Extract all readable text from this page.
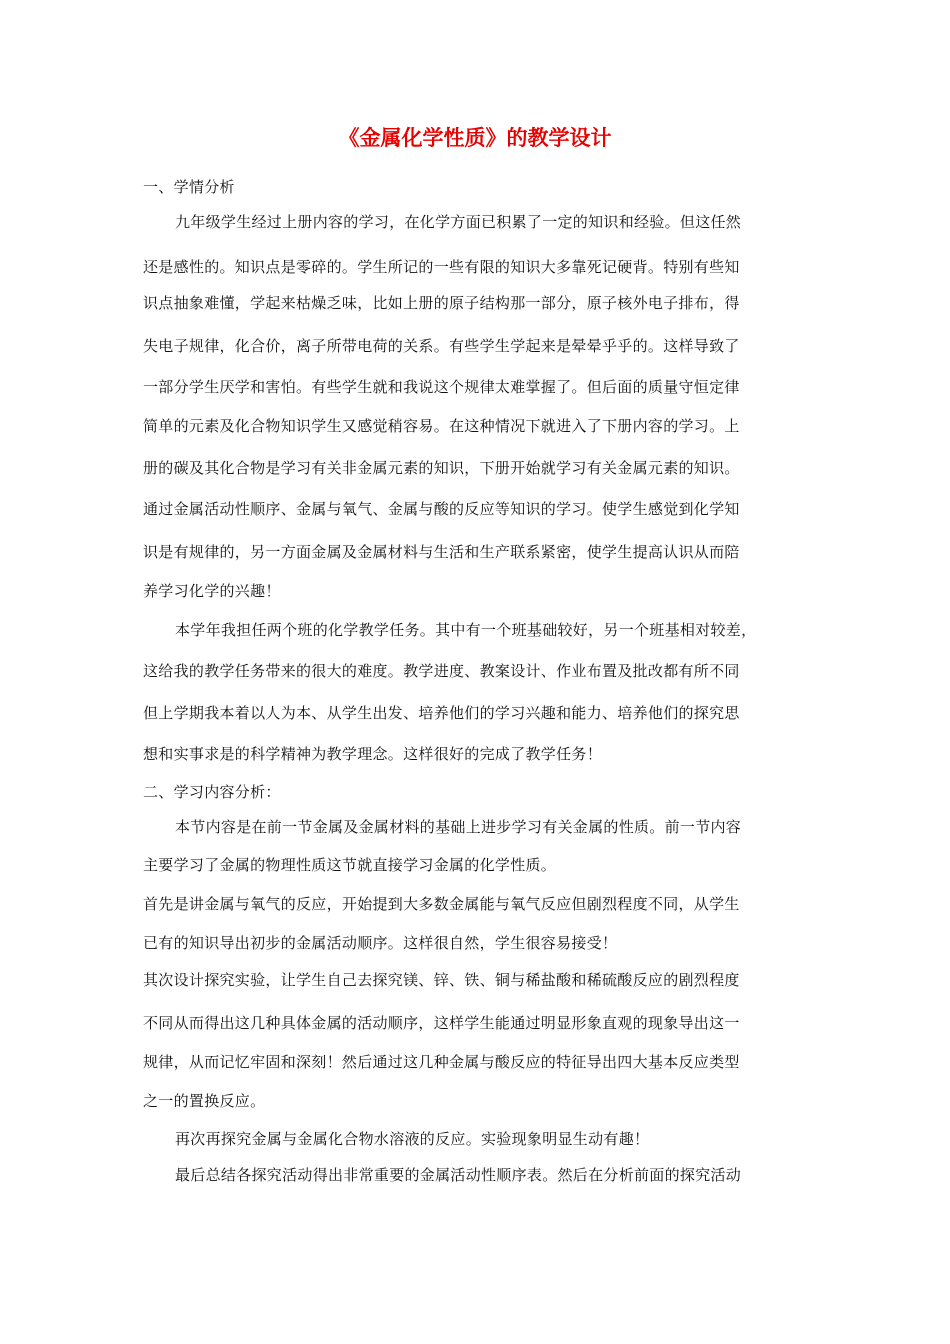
《金属化学性质》的教学设计
一、学情分析
九年级学生经过上册内容的学习，在化学方面已积累了一定的知识和经验。但这任然
还是感性的。知识点是零碎的。学生所记的一些有限的知识大多靠死记硬背。特别有些知
识点抽象难懂，学起来枯燥乏味，比如上册的原子结构那一部分，原子核外电子排布，得
失电子规律，化合价，离子所带电荷的关系。有些学生学起来是晕晕乎乎的。这样导致了
一部分学生厌学和害怕。有些学生就和我说这个规律太难掌握了。但后面的质量守恒定律
简单的元素及化合物知识学生又感觉稍容易。在这种情况下就进入了下册内容的学习。上
册的碳及其化合物是学习有关非金属元素的知识，下册开始就学习有关金属元素的知识。
通过金属活动性顺序、金属与氧气、金属与酸的反应等知识的学习。使学生感觉到化学知
识是有规律的，另一方面金属及金属材料与生活和生产联系紧密，使学生提高认识从而陪
养学习化学的兴趣！
本学年我担任两个班的化学教学任务。其中有一个班基础较好，另一个班基相对较差，
这给我的教学任务带来的很大的难度。教学进度、教案设计、作业布置及批改都有所不同
但上学期我本着以人为本、从学生出发、培养他们的学习兴趣和能力、培养他们的探究思
想和实事求是的科学精神为教学理念。这样很好的完成了教学任务！
二、学习内容分析：
本节内容是在前一节金属及金属材料的基础上进步学习有关金属的性质。前一节内容
主要学习了金属的物理性质这节就直接学习金属的化学性质。
首先是讲金属与氧气的反应，开始提到大多数金属能与氧气反应但剧烈程度不同，从学生
已有的知识导出初步的金属活动顺序。这样很自然，学生很容易接受！
其次设计探究实验，让学生自己去探究镁、锌、铁、铜与稀盐酸和稀硫酸反应的剧烈程度
不同从而得出这几种具体金属的活动顺序，这样学生能通过明显形象直观的现象导出这一
规律，从而记忆牢固和深刻！然后通过这几种金属与酸反应的特征导出四大基本反应类型
之一的置换反应。
再次再探究金属与金属化合物水溶液的反应。实验现象明显生动有趣！
最后总结各探究活动得出非常重要的金属活动性顺序表。然后在分析前面的探究活动
